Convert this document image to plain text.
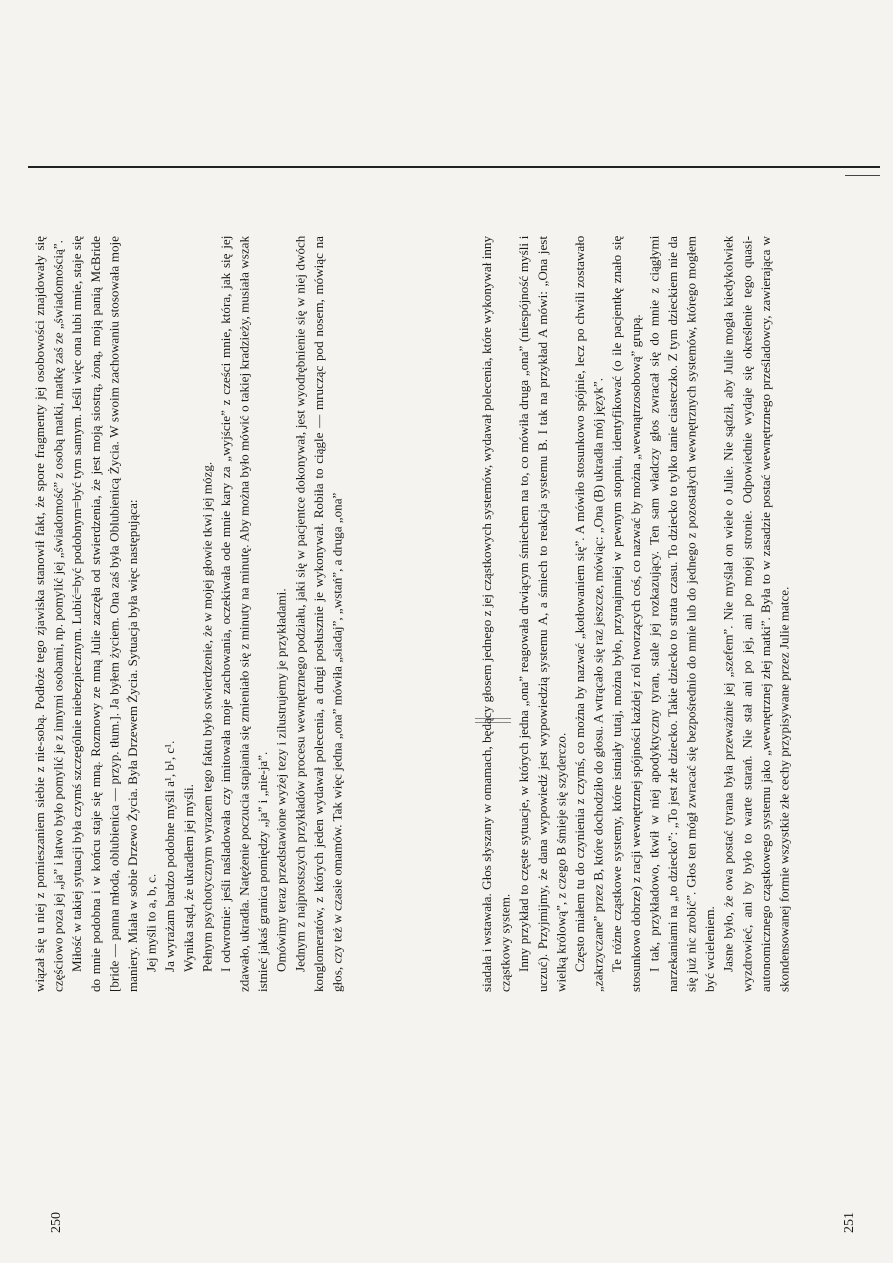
wiązał się u niej z pomieszaniem siebie z nie-sobą. Podłoże tego zjawiska stanowił fakt, że spore fragmenty jej osobowości znajdowały się częściowo poza jej „ja” i łatwo było pomylić je z innymi osobami, np. pomylić jej „świadomość” z osobą matki, matkę zaś ze „świadomością”. Miłość w takiej sytuacji była czymś szczególnie niebezpiecznym. Lubić=być podobnym=być tym samym. Jeśli więc ona lubi mnie, staje się do mnie podobna i w końcu staje się mną. Rozmowy ze mną Julie zaczęła od stwierdzenia, że jest moją siostrą, żoną, moją panią McBride [bride — panna młoda, oblubienica — przyp. tłum.]. Ja byłem życiem. Ona zaś była Oblubienicą Życia. W swoim zachowaniu stosowała moje maniery. Miała w sobie Drzewo Życia. Była Drzewem Życia. Sytuacja była więc następująca: Jej myśli to a, b, c. Ja wyrażam bardzo podobne myśli a¹, b¹, c¹. Wynika stąd, że ukradłem jej myśli. Pełnym psychotycznym wyrazem tego faktu było stwierdzenie, że w mojej głowie tkwi jej mózg. I odwrotnie: jeśli naśladowała czy imitowała moje zachowania, oczekiwała ode mnie kary za „wyjście” z cześci mnie, która, jak się jej zdawało, ukradła. Natężenie poczucia stapiania się zmieniało się z minuty na minutę. Aby można było mówić o takiej kradzieży, musiała wszak istnieć jakaś granica pomiędzy „ja” i „nie-ja”. Omówimy teraz przedstawione wyżej tezy i zilustrujemy je przykładami. Jednym z najprostszych przykładów procesu wewnętrznego podziału, jaki się w pacjentce dokonywał, jest wyodrębnienie się w niej dwóch konglomeratów, z których jeden wydawał polecenia, a drugi posłusznie je wykonywał. Robiła to ciągle — mrucząc pod nosem, mówiąc na głos, czy też w czasie omamów. Tak więc jedna „ona” mówiła „siadaj”, „wstań”, a druga „ona”	siadała i wstawała. Głos słyszany w omamach, będący głosem jednego z jej cząstkowych systemów, wydawał polecenia, które wykonywał inny cząstkowy system. Inny przykład to częste sytuacje, w których jedna „ona” reagowała drwiącym śmiechem na to, co mówiła druga „ona” (niespójność myśli i uczuć). Przyjmijmy, że dana wypowiedź jest wypowiedzią systemu A, a śmiech to reakcja systemu B. I tak na przykład A mówi: „Ona jest wielką królową”, z czego B śmieje się szyderczo. Często miałem tu do czynienia z czymś, co można by nazwać „kotłowaniem się”. A mówiło stosunkowo spójnie, lecz po chwili zostawało „zakrzyczane” przez B, które dochodziło do głosu. A wtrącało się raz jeszcze, mówiąc: „Ona (B) ukradła mój język”. Te różne cząstkowe systemy, które istniały tutaj, można było, przynajmniej w pewnym stopniu, identyfikować (o ile pacjentkę znało się stosunkowo dobrze) z racji wewnętrznej spójności każdej z ról tworzących coś, co nazwać by można „wewnątrzosobową” grupą. I tak, przykładowo, tkwił w niej apodyktyczny tyran, stale jej rozkazujący. Ten sam władczy głos zwracał się do mnie z ciągłymi narzekaniami na „to dziecko”: „To jest złe dziecko. Takie dziecko to strata czasu. To dziecko to tylko tanie ciasteczko. Z tym dzieckiem nie da się już nic zrobić”. Głos ten mógł zwracać się bezpośrednio do mnie lub do jednego z pozostałych wewnętrznych systemów, którego mogłem być wcieleniem. Jasne było, że owa postać tyrana była przeważnie jej „szefem”. Nie myślał on wiele o Julie. Nie sądził, aby Julie mogła kiedykolwiek wyzdrowieć, ani by było to warte starań. Nie stał ani po jej, ani po mojej stronie. Odpowiednie wydaje się określenie tego quasi-autonomicznego cząstkowego systemu jako „wewnętrznej złej matki”. Była to w zasadzie postać wewnętrznego prześladowcy, zawierająca w skondensowanej formie wszystkie złe cechy przypisywane przez Julie matce.

250	251
